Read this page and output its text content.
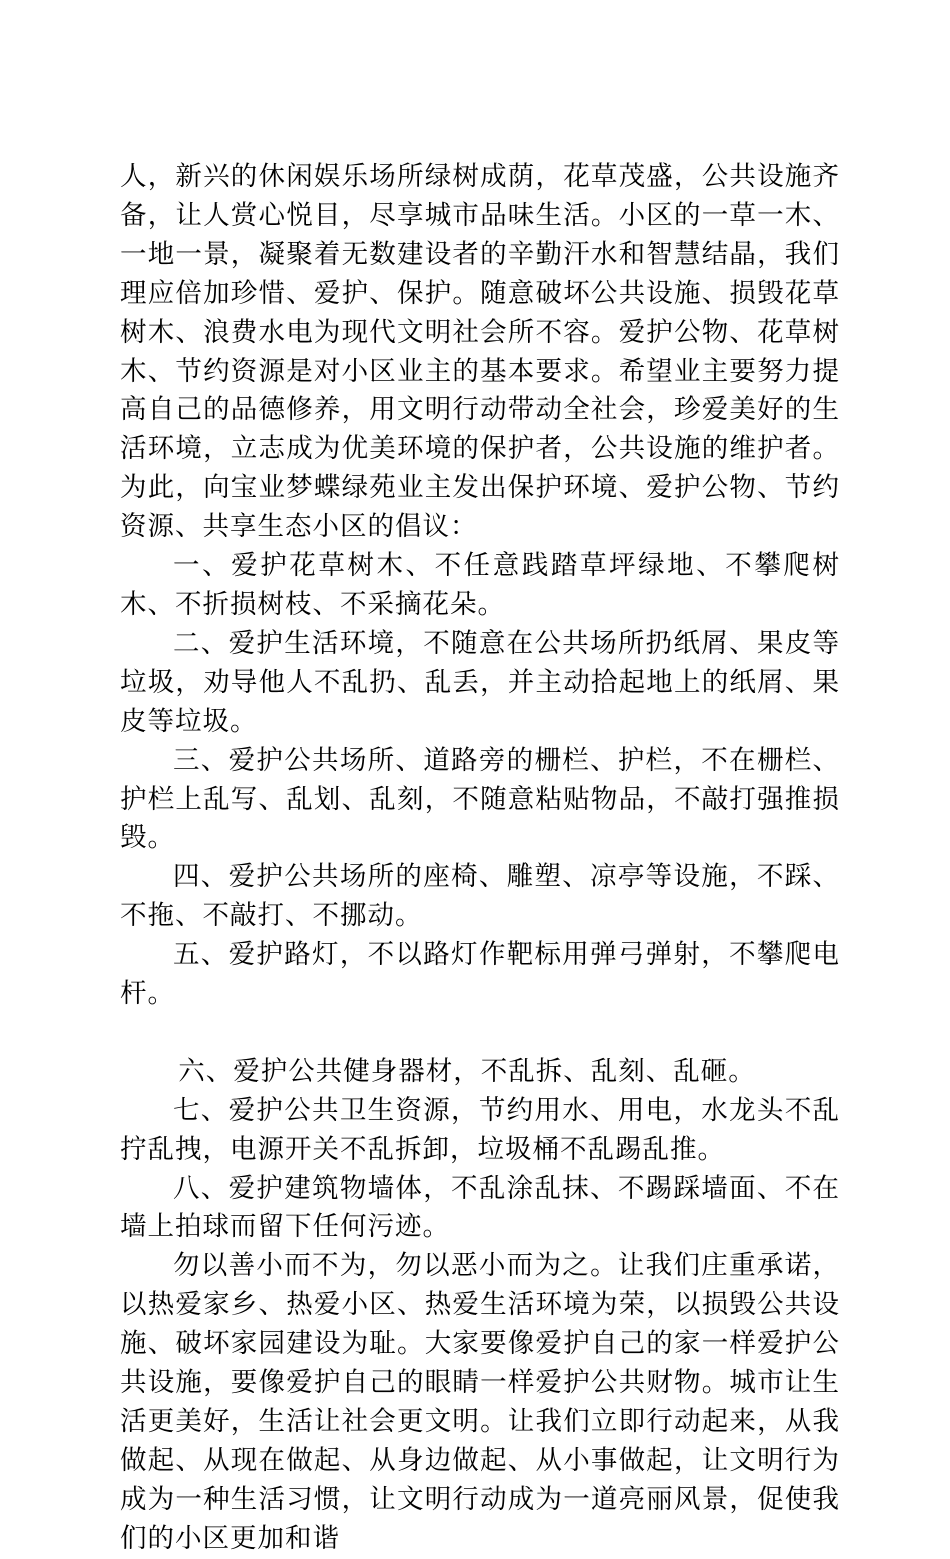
人，新兴的休闲娱乐场所绿树成荫，花草茂盛，公共设施齐备，让人赏心悦目，尽享城市品味生活。小区的一草一木、一地一景，凝聚着无数建设者的辛勤汗水和智慧结晶，我们理应倍加珍惜、爱护、保护。随意破坏公共设施、损毁花草树木、浪费水电为现代文明社会所不容。爱护公物、花草树木、节约资源是对小区业主的基本要求。希望业主要努力提高自己的品德修养，用文明行动带动全社会，珍爱美好的生活环境，立志成为优美环境的保护者，公共设施的维护者。为此，向宝业梦蝶绿苑业主发出保护环境、爱护公物、节约资源、共享生态小区的倡议：

一、爱护花草树木、不任意践踏草坪绿地、不攀爬树木、不折损树枝、不采摘花朵。

二、爱护生活环境，不随意在公共场所扔纸屑、果皮等垃圾，劝导他人不乱扔、乱丢，并主动拾起地上的纸屑、果皮等垃圾。

三、爱护公共场所、道路旁的栅栏、护栏，不在栅栏、护栏上乱写、乱划、乱刻，不随意粘贴物品，不敲打强推损毁。

四、爱护公共场所的座椅、雕塑、凉亭等设施，不踩、不拖、不敲打、不挪动。

五、爱护路灯，不以路灯作靶标用弹弓弹射，不攀爬电杆。

六、爱护公共健身器材，不乱拆、乱刻、乱砸。

七、爱护公共卫生资源，节约用水、用电，水龙头不乱拧乱拽，电源开关不乱拆卸，垃圾桶不乱踢乱推。

八、爱护建筑物墙体，不乱涂乱抹、不踢踩墙面、不在墙上拍球而留下任何污迹。

勿以善小而不为，勿以恶小而为之。让我们庄重承诺，以热爱家乡、热爱小区、热爱生活环境为荣，以损毁公共设施、破坏家园建设为耻。大家要像爱护自己的家一样爱护公共设施，要像爱护自己的眼睛一样爱护公共财物。城市让生活更美好，生活让社会更文明。让我们立即行动起来，从我做起、从现在做起、从身边做起、从小事做起，让文明行为成为一种生活习惯，让文明行动成为一道亮丽风景，促使我们的小区更加和谐
